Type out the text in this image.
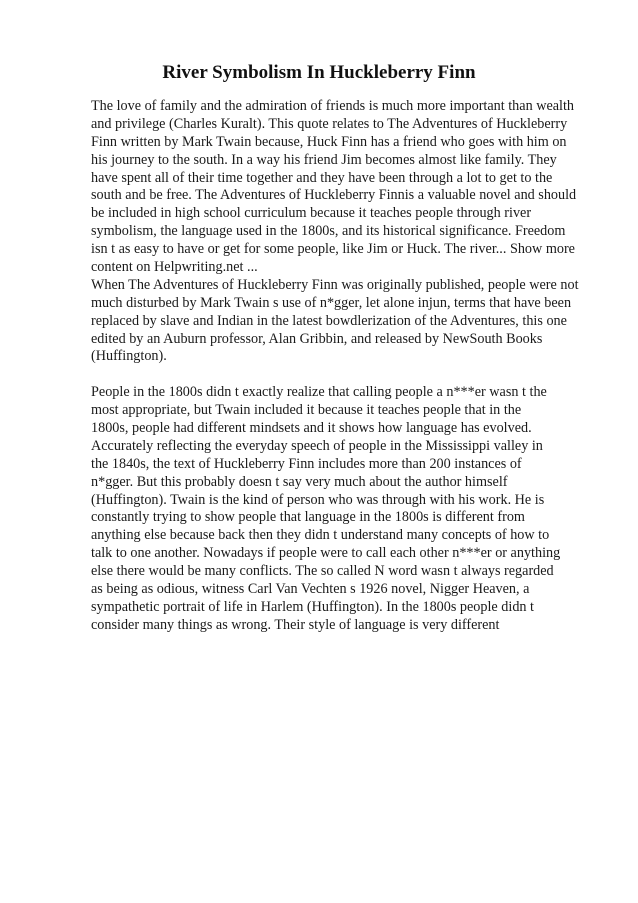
River Symbolism In Huckleberry Finn
The love of family and the admiration of friends is much more important than wealth
and privilege (Charles Kuralt). This quote relates to The Adventures of Huckleberry
Finn written by Mark Twain because, Huck Finn has a friend who goes with him on
his journey to the south. In a way his friend Jim becomes almost like family. They
have spent all of their time together and they have been through a lot to get to the
south and be free. The Adventures of Huckleberry Finnis a valuable novel and should
be included in high school curriculum because it teaches people through river
symbolism, the language used in the 1800s, and its historical significance. Freedom
isn t as easy to have or get for some people, like Jim or Huck. The river... Show more
content on Helpwriting.net ...
When The Adventures of Huckleberry Finn was originally published, people were not
much disturbed by Mark Twain s use of n*gger, let alone injun, terms that have been
replaced by slave and Indian in the latest bowdlerization of the Adventures, this one
edited by an Auburn professor, Alan Gribbin, and released by NewSouth Books
(Huffington).
People in the 1800s didn t exactly realize that calling people a n***er wasn t the
most appropriate, but Twain included it because it teaches people that in the
1800s, people had different mindsets and it shows how language has evolved.
Accurately reflecting the everyday speech of people in the Mississippi valley in
the 1840s, the text of Huckleberry Finn includes more than 200 instances of
n*gger. But this probably doesn t say very much about the author himself
(Huffington). Twain is the kind of person who was through with his work. He is
constantly trying to show people that language in the 1800s is different from
anything else because back then they didn t understand many concepts of how to
talk to one another. Nowadays if people were to call each other n***er or anything
else there would be many conflicts. The so called N word wasn t always regarded
as being as odious, witness Carl Van Vechten s 1926 novel, Nigger Heaven, a
sympathetic portrait of life in Harlem (Huffington). In the 1800s people didn t
consider many things as wrong. Their style of language is very different
